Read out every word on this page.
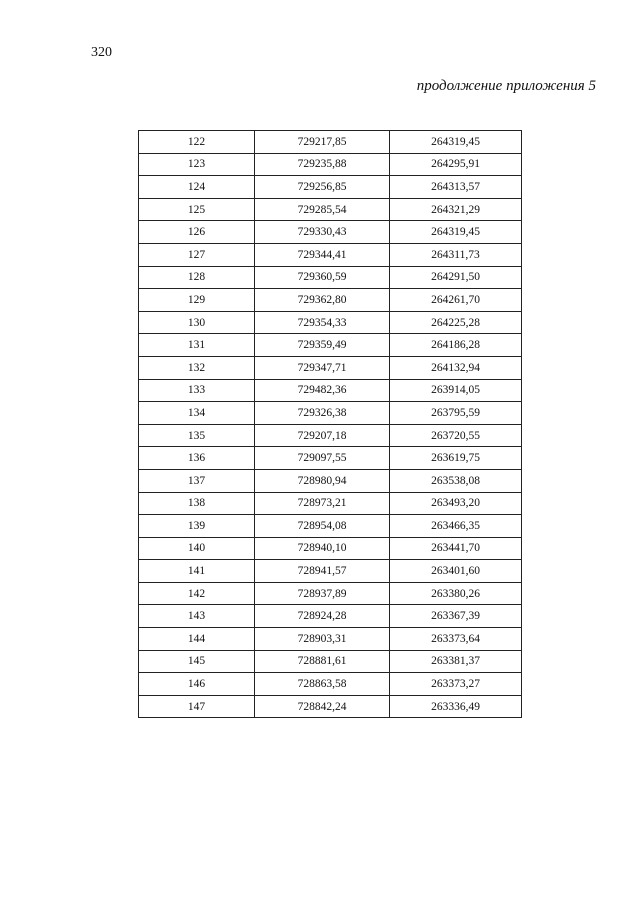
320
продолжение приложения 5
122	729217,85	264319,45
123	729235,88	264295,91
124	729256,85	264313,57
125	729285,54	264321,29
126	729330,43	264319,45
127	729344,41	264311,73
128	729360,59	264291,50
129	729362,80	264261,70
130	729354,33	264225,28
131	729359,49	264186,28
132	729347,71	264132,94
133	729482,36	263914,05
134	729326,38	263795,59
135	729207,18	263720,55
136	729097,55	263619,75
137	728980,94	263538,08
138	728973,21	263493,20
139	728954,08	263466,35
140	728940,10	263441,70
141	728941,57	263401,60
142	728937,89	263380,26
143	728924,28	263367,39
144	728903,31	263373,64
145	728881,61	263381,37
146	728863,58	263373,27
147	728842,24	263336,49
